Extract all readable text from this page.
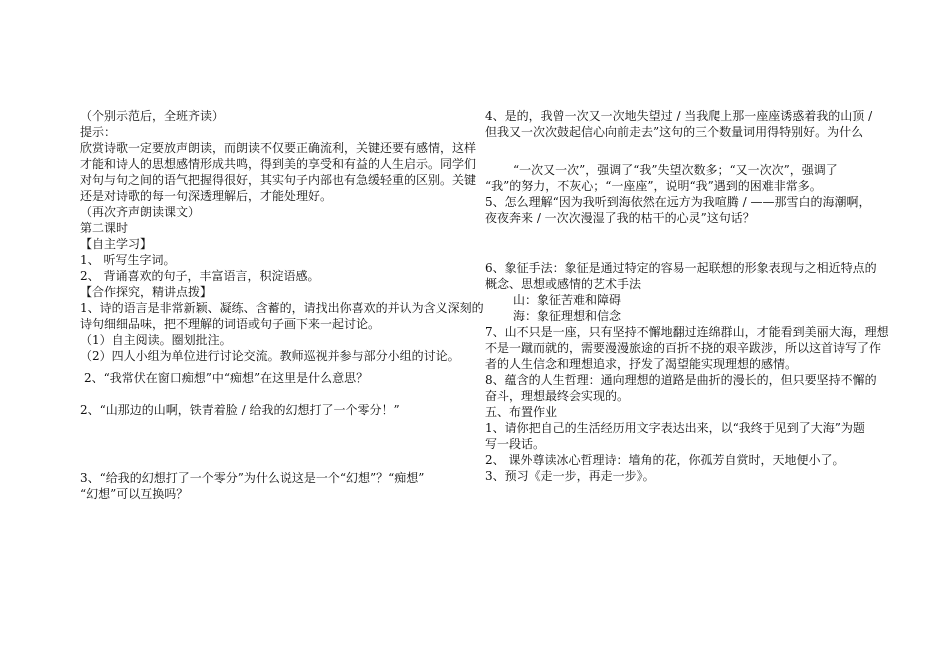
（个别示范后，全班齐读）
提示：
欣赏诗歌一定要放声朗读，而朗读不仅要正确流利，关键还要有感情，这样
才能和诗人的思想感情形成共鸣，得到美的享受和有益的人生启示。同学们
对句与句之间的语气把握得很好，其实句子内部也有急缓轻重的区别。关键
还是对诗歌的每一句深透理解后，才能处理好。
（再次齐声朗读课文）
第二课时
【自主学习】
1、 听写生字词。
2、 背诵喜欢的句子，丰富语言，积淀语感。
【合作探究，精讲点拨】
1、诗的语言是非常新颖、凝练、含蓄的，请找出你喜欢的并认为含义深刻的
诗句细细品味，把不理解的词语或句子画下来一起讨论。
（1）自主阅读。圈划批注。
（2）四人小组为单位进行讨论交流。教师巡视并参与部分小组的讨论。
2、“我常伏在窗口痴想”中“痴想”在这里是什么意思？
2、“山那边的山啊，铁青着脸 / 给我的幻想打了一个零分！”
3、“给我的幻想打了一个零分”为什么说这是一个“幻想”？“痴想”
“幻想”可以互换吗？
4、是的，我曾一次又一次地失望过 / 当我爬上那一座座诱惑着我的山顶 /
但我又一次次鼓起信心向前走去”这句的三个数量词用得特别好。为什么
“一次又一次”，强调了“我”失望次数多；“又一次次”，强调了
“我”的努力，不灰心；“一座座”，说明“我”遇到的困难非常多。
5、怎么理解“因为我听到海依然在远方为我喧腾 / ——那雪白的海潮啊，
夜夜奔来 / 一次次漫湿了我的枯干的心灵”这句话？
6、象征手法：象征是通过特定的容易一起联想的形象表现与之相近特点的
概念、思想或感情的艺术手法
山：象征苦难和障碍
海：象征理想和信念
7、山不只是一座，只有坚持不懈地翻过连绵群山，才能看到美丽大海，理想
不是一蹴而就的，需要漫漫旅途的百折不挠的艰辛跋涉，所以这首诗写了作
者的人生信念和理想追求，抒发了渴望能实现理想的感情。
8、蕴含的人生哲理：通向理想的道路是曲折的漫长的，但只要坚持不懈的
奋斗，理想最终会实现的。
五、布置作业
1、请你把自己的生活经历用文字表达出来，以“我终于见到了大海”为题
写一段话。
2、 课外尊读冰心哲理诗：墙角的花，你孤芳自赏时，天地便小了。
3、预习《走一步，再走一步》。
